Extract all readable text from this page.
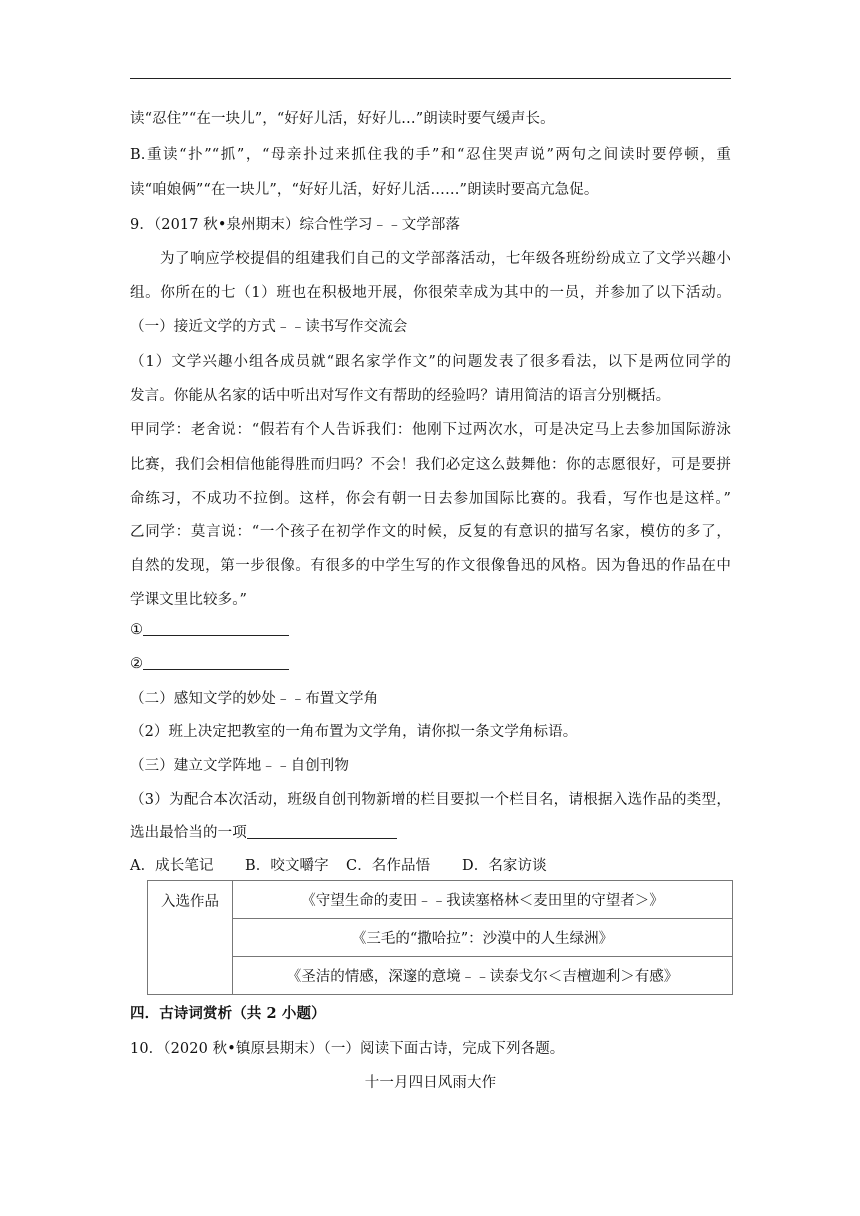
读“忍住”“在一块儿”，“好好儿活，好好儿…”朗读时要气缓声长。
B.重读“扑”“抓”，“母亲扑过来抓住我的手”和“忍住哭声说”两句之间读时要停顿，重
读“咱娘俩”“在一块儿”，“好好儿活，好好儿活……”朗读时要高亢急促。
9．（2017 秋•泉州期末）综合性学习﹣﹣文学部落
为了响应学校提倡的组建我们自己的文学部落活动，七年级各班纷纷成立了文学兴趣小
组。你所在的七（1）班也在积极地开展，你很荣幸成为其中的一员，并参加了以下活动。
（一）接近文学的方式﹣﹣读书写作交流会
（1）文学兴趣小组各成员就“跟名家学作文”的问题发表了很多看法，以下是两位同学的
发言。你能从名家的话中听出对写作文有帮助的经验吗？请用简洁的语言分别概括。
甲同学：老舍说：“假若有个人告诉我们：他刚下过两次水，可是决定马上去参加国际游泳
比赛，我们会相信他能得胜而归吗？不会！我们必定这么鼓舞他：你的志愿很好，可是要拼
命练习，不成功不拉倒。这样，你会有朝一日去参加国际比赛的。我看，写作也是这样。”
乙同学：莫言说：“一个孩子在初学作文的时候，反复的有意识的描写名家，模仿的多了，
自然的发现，第一步很像。有很多的中学生写的作文很像鲁迅的风格。因为鲁迅的作品在中
学课文里比较多。”
①
②
（二）感知文学的妙处﹣﹣布置文学角
（2）班上决定把教室的一角布置为文学角，请你拟一条文学角标语。
（三）建立文学阵地﹣﹣自创刊物
（3）为配合本次活动，班级自创刊物新增的栏目要拟一个栏目名，请根据入选作品的类型，
选出最恰当的一项
A．成长笔记 B．咬文嚼字 C．名作品悟 D．名家访谈
入选作品	《守望生命的麦田﹣﹣我读塞格林＜麦田里的守望者＞》
《三毛的“撒哈拉”：沙漠中的人生绿洲》
《圣洁的情感，深邃的意境﹣﹣读泰戈尔＜吉檀迦利＞有感》
四．古诗词赏析（共 2 小题）
10．（2020 秋•镇原县期末）（一）阅读下面古诗，完成下列各题。
十一月四日风雨大作
